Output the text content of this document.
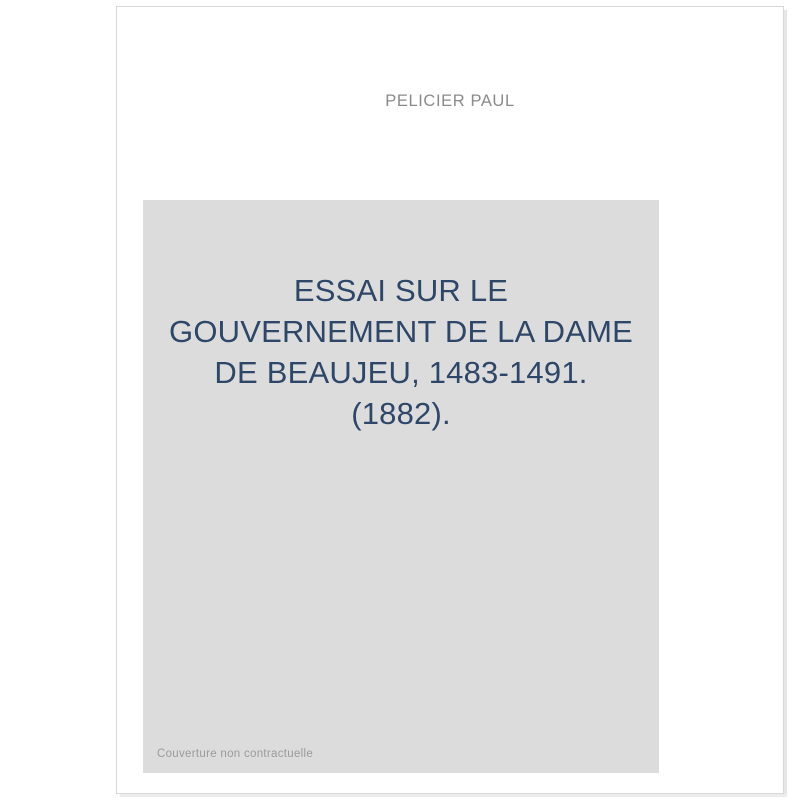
PELICIER PAUL
ESSAI SUR LE GOUVERNEMENT DE LA DAME DE BEAUJEU, 1483-1491. (1882).
Couverture non contractuelle
